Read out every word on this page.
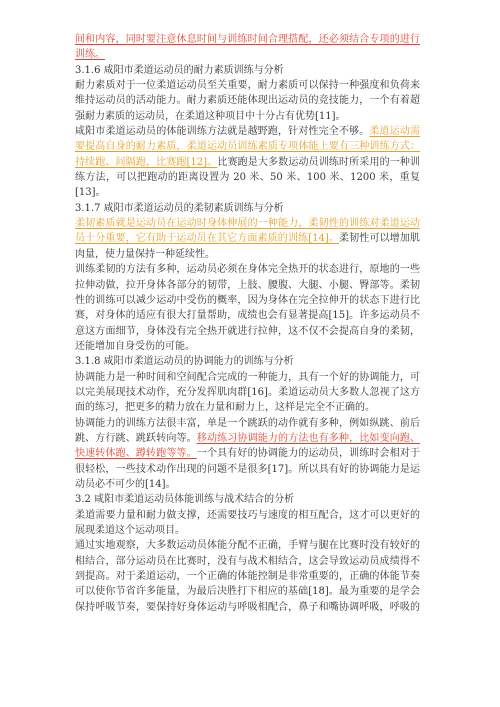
间和内容，同时要注意休息时间与训练时间合理搭配，还必须结合专项的进行
训练。
3.1.6 咸阳市柔道运动员的耐力素质训练与分析
耐力素质对于一位柔道运动员至关重要，耐力素质可以保持一种强度和负荷来
维持运动员的活动能力。耐力素质还能体现出运动员的竞技能力，一个有着超
强耐力素质的运动员，在柔道这种项目中十分占有优势[11]。
咸阳市柔道运动员的体能训练方法就是越野跑，针对性完全不够。柔道运动需
要提高自身的耐力素质，柔道运动员训练素质专项体能上要有三种训练方式：
持续跑、间隔跑，比赛跑[12]。比赛跑是大多数运动员训练时所采用的一种训
练方法，可以把跑动的距离设置为 20 米、50 米、100 米、1200 米，重复
[13]。
3.1.7 咸阳市柔道运动员的柔韧素质训练与分析
柔韧素质就是运动员在运动时身体伸展的一种能力，柔韧性的训练对柔道运动
员十分重要，它有助于运动员在其它方面素质的训练[14]。柔韧性可以增加肌
肉量，使力量保持一种延续性。
训练柔韧的方法有多种，运动员必须在身体完全热开的状态进行，原地的一些
拉伸动做，拉开身体各部分的韧带，上肢、腰腹、大腿、小腿、臀部等。柔韧
性的训练可以减少运动中受伤的概率，因为身体在完全拉伸开的状态下进行比
赛，对身体的适应有很大打量帮助，成绩也会有显著提高[15]。许多运动员不
意这方面细节，身体没有完全热开就进行拉伸，这不仅不会提高自身的柔韧，
还能增加自身受伤的可能。
3.1.8 咸阳市柔道运动员的协调能力的训练与分析
协调能力是一种时间和空间配合完成的一种能力，具有一个好的协调能力，可
以完美展现技术动作，充分发挥肌肉群[16]。柔道运动员大多数人忽视了这方
面的练习，把更多的精力放在力量和耐力上，这样是完全不正确的。
协调能力的训练方法很丰富，单是一个跳跃的动作就有多种，例如纵跳、前后
跳、方行跳、跳跃转向等。移动练习协调能力的方法也有多种，比如变向跑、
快速转体跑、蹲转跑等等。一个具有好的协调能力的运动员，训练时会相对于
很轻松，一些技术动作出现的问题不是很多[17]。所以具有好的协调能力是运
动员必不可少的[14]。
3.2 咸阳市柔道运动员体能训练与战术结合的分析
柔道需要力量和耐力做支撑，还需要技巧与速度的相互配合，这才可以更好的
展现柔道这个运动项目。
通过实地观察，大多数运动员体能分配不正确，手臂与腿在比赛时没有较好的
相结合，部分运动员在比赛时，没有与战术相结合，这会导致运动员成绩得不
到提高。对于柔道运动，一个正确的体能控制是非常重要的，正确的体能节奏
可以使你节省许多能量，为最后决胜打下相应的基础[18]。最为重要的是学会
保持呼吸节奏，要保持好身体运动与呼吸相配合，鼻子和嘴协调呼吸，呼吸的
